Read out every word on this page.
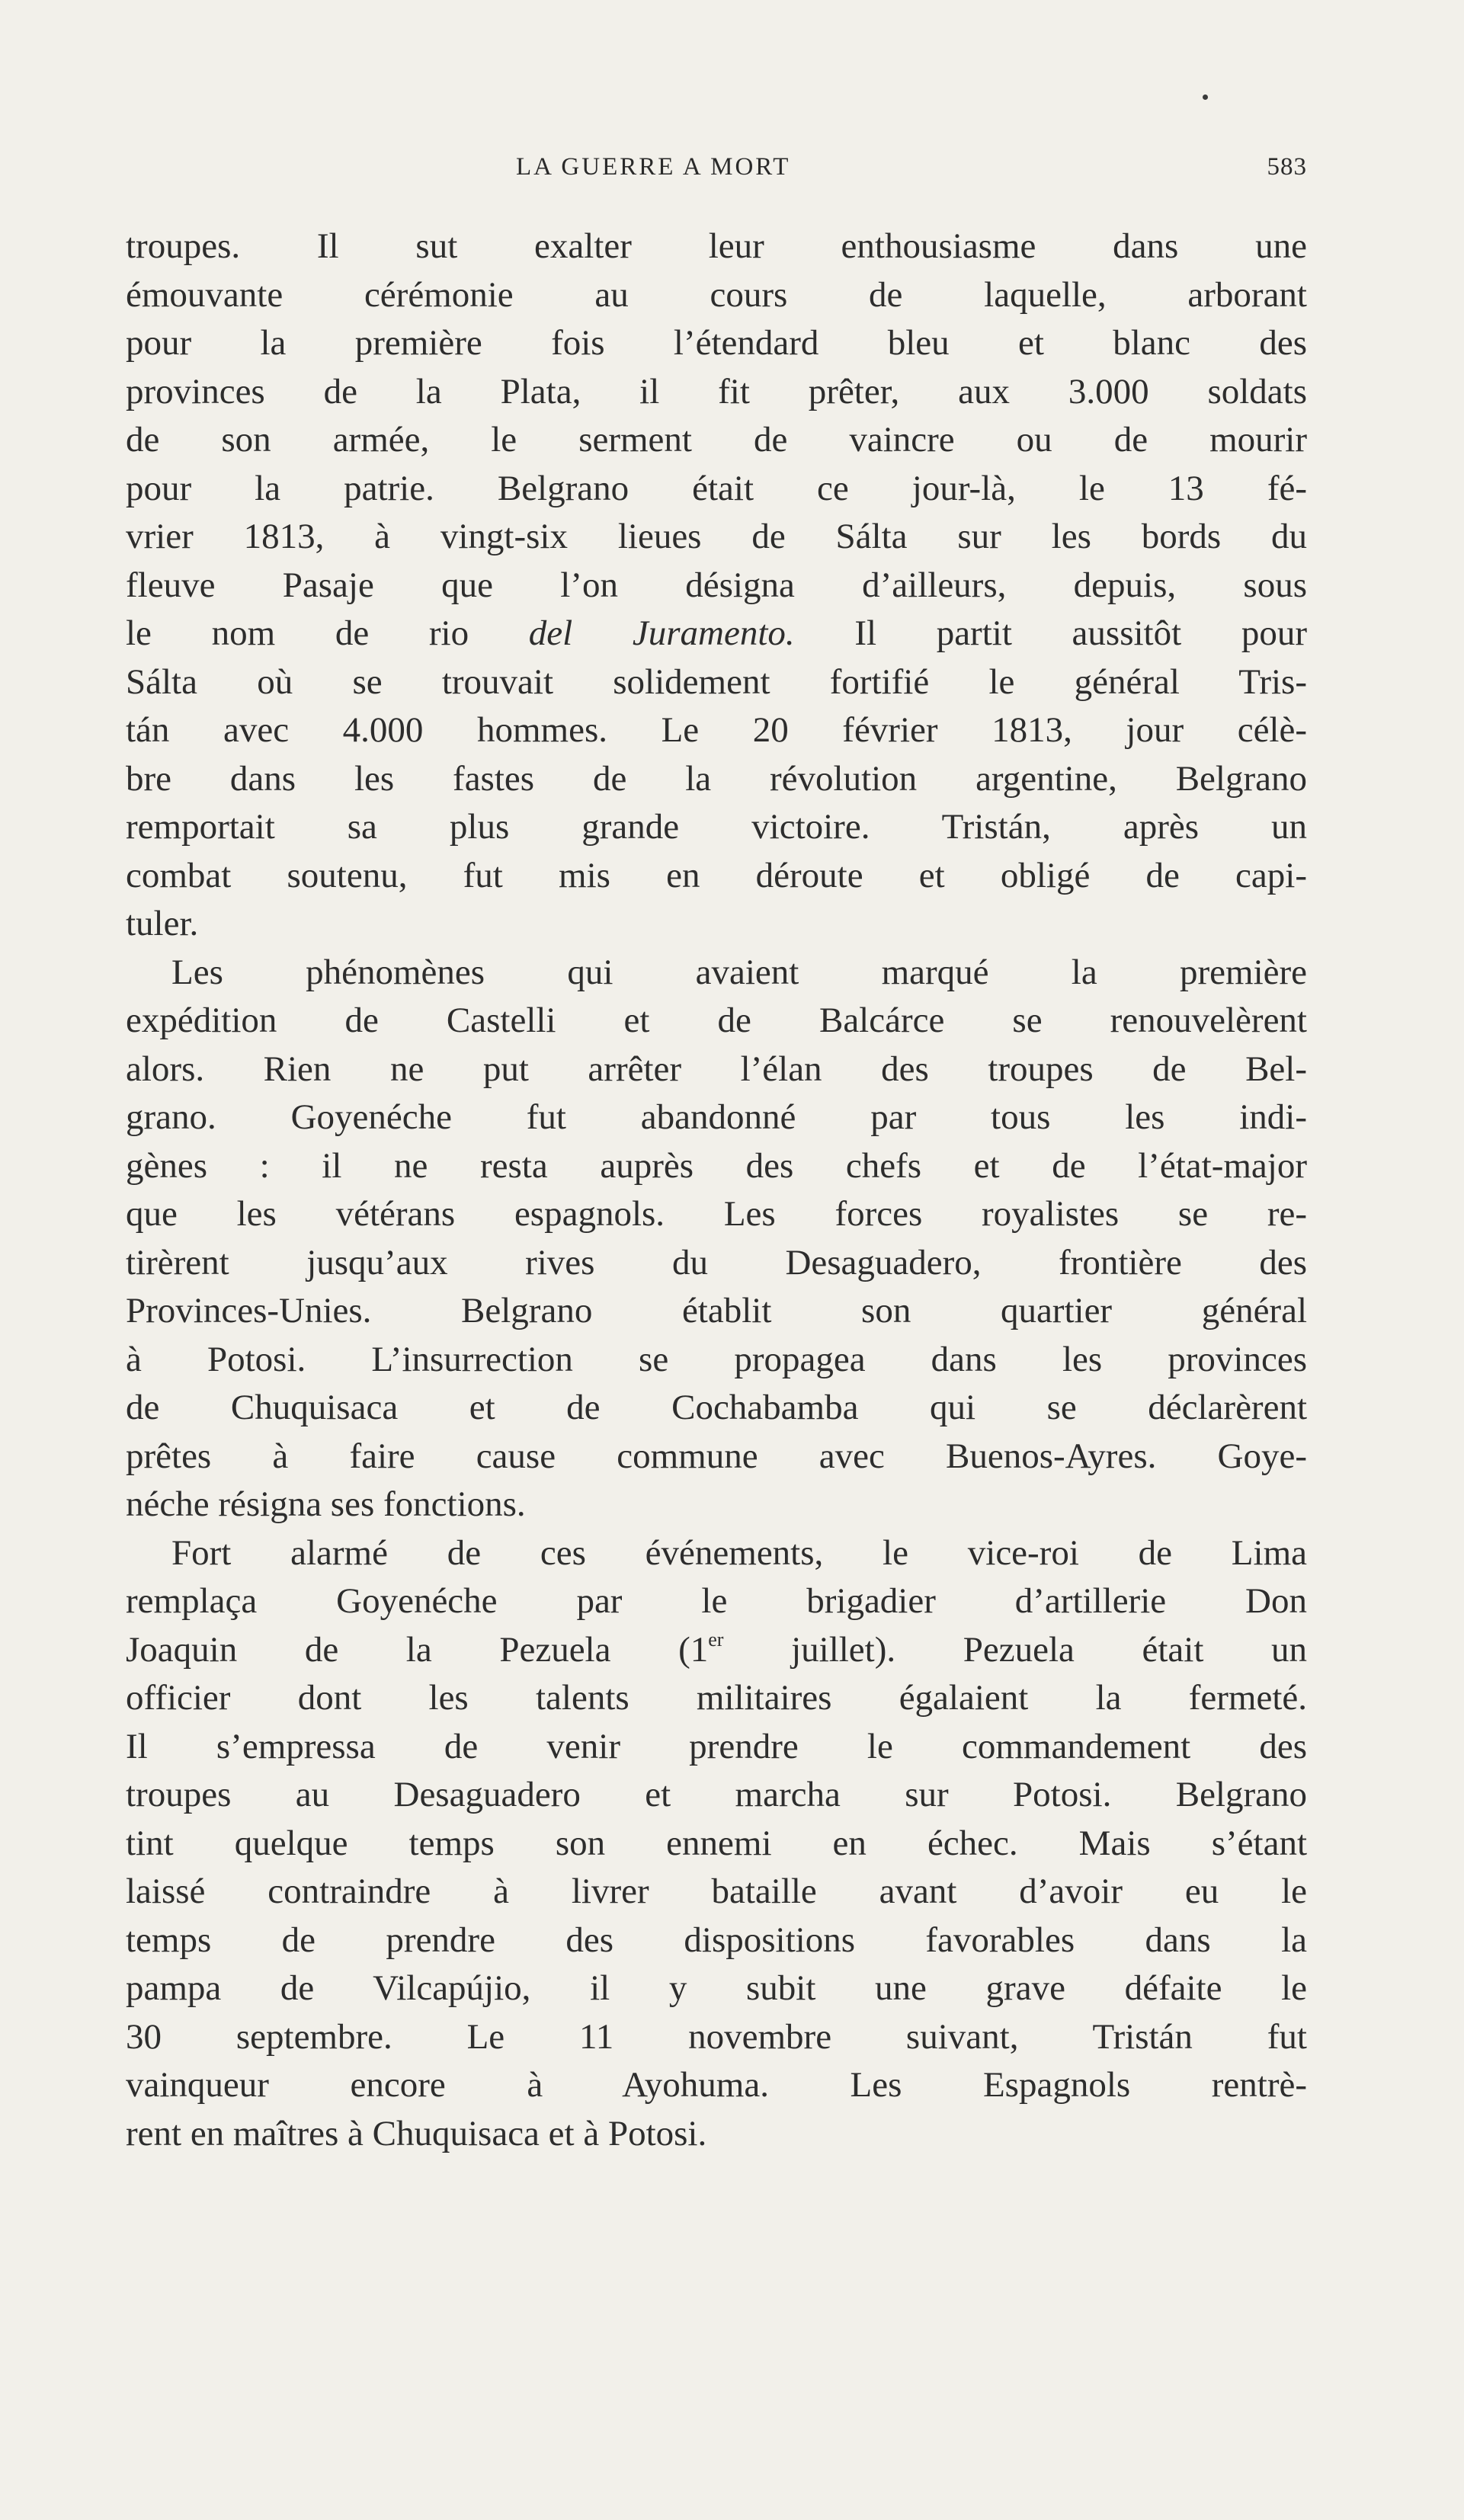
LA GUERRE A MORT	583

troupes. Il sut exalter leur enthousiasme dans une
émouvante cérémonie au cours de laquelle, arborant
pour la première fois l’étendard bleu et blanc des
provinces de la Plata, il fit prêter, aux 3.000 soldats
de son armée, le serment de vaincre ou de mourir
pour la patrie. Belgrano était ce jour-là, le 13 fé-
vrier 1813, à vingt-six lieues de Sálta sur les bords du
fleuve Pasaje que l’on désigna d’ailleurs, depuis, sous
le nom de rio del Juramento. Il partit aussitôt pour
Sálta où se trouvait solidement fortifié le général Tris-
tán avec 4.000 hommes. Le 20 février 1813, jour célè-
bre dans les fastes de la révolution argentine, Belgrano
remportait sa plus grande victoire. Tristán, après un
combat soutenu, fut mis en déroute et obligé de capi-
tuler.

Les phénomènes qui avaient marqué la première
expédition de Castelli et de Balcárce se renouvelèrent
alors. Rien ne put arrêter l’élan des troupes de Bel-
grano. Goyenéche fut abandonné par tous les indi-
gènes : il ne resta auprès des chefs et de l’état-major
que les vétérans espagnols. Les forces royalistes se re-
tirèrent jusqu’aux rives du Desaguadero, frontière des
Provinces-Unies. Belgrano établit son quartier général
à Potosi. L’insurrection se propagea dans les provinces
de Chuquisaca et de Cochabamba qui se déclarèrent
prêtes à faire cause commune avec Buenos-Ayres. Goye-
néche résigna ses fonctions.

Fort alarmé de ces événements, le vice-roi de Lima
remplaça Goyenéche par le brigadier d’artillerie Don
Joaquin de la Pezuela (1er juillet). Pezuela était un
officier dont les talents militaires égalaient la fermeté.
Il s’empressa de venir prendre le commandement des
troupes au Desaguadero et marcha sur Potosi. Belgrano
tint quelque temps son ennemi en échec. Mais s’étant
laissé contraindre à livrer bataille avant d’avoir eu le
temps de prendre des dispositions favorables dans la
pampa de Vilcapújio, il y subit une grave défaite le
30 septembre. Le 11 novembre suivant, Tristán fut
vainqueur encore à Ayohuma. Les Espagnols rentrè-
rent en maîtres à Chuquisaca et à Potosi.
